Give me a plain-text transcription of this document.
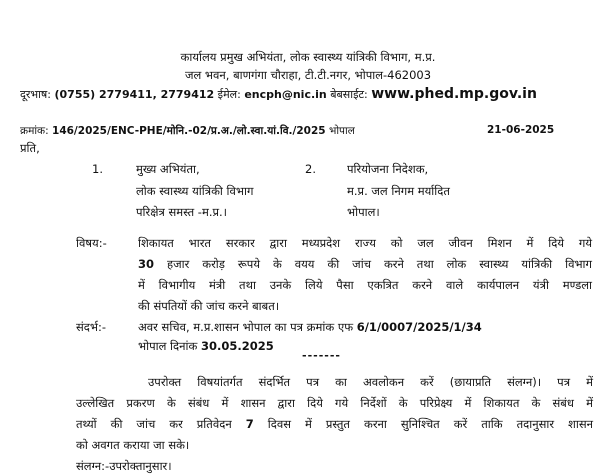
कार्यालय प्रमुख अभियंता, लोक स्वास्थ्य यांत्रिकी विभाग, म.प्र.
जल भवन, बाणगंगा चौराहा, टी.टी.नगर, भोपाल-462003
दूरभाष: (0755) 2779411, 2779412 ईमेल: encph@nic.in बेबसाईट: www.phed.mp.gov.in
क्रमांक: 146/2025/ENC-PHE/मोनि.-02/प्र.अ./लो.स्वा.यां.वि./2025 भोपाल	21-06-2025
प्रति,
1.	मुख्य अभियंता,
लोक स्वास्थ्य यांत्रिकी विभाग
परिक्षेत्र समस्त -म.प्र.।
2.	परियोजना निदेशक,
म.प्र. जल निगम मर्यादित
भोपाल।
विषय:-	शिकायत भारत सरकार द्वारा मध्यप्रदेश राज्य को जल जीवन मिशन में दिये गये
30 हजार करोड़ रूपये के वयय की जांच करने तथा लोक स्वास्थ्य यांत्रिकी विभाग
में विभागीय मंत्री तथा उनके लिये पैसा एकत्रित करने वाले कार्यपालन यंत्री मण्डला
की संपतियों की जांच करने बाबत।
संदर्भ:-	अवर सचिव, म.प्र.शासन भोपाल का पत्र क्रमांक एफ 6/1/0007/2025/1/34
भोपाल दिनांक 30.05.2025
-------
उपरोक्त विषयांतर्गत संदर्भित पत्र का अवलोकन करें (छायाप्रति संलग्न)। पत्र में
उल्लेखित प्रकरण के संबंध में शासन द्वारा दिये गये निर्देशों के परिप्रेक्ष्य में शिकायत के संबंध में
तथ्यों की जांच कर प्रतिवेदन 7 दिवस में प्रस्तुत करना सुनिश्चित करें ताकि तदानुसार शासन
को अवगत कराया जा सके।
संलग्न:-उपरोक्तानुसार।
